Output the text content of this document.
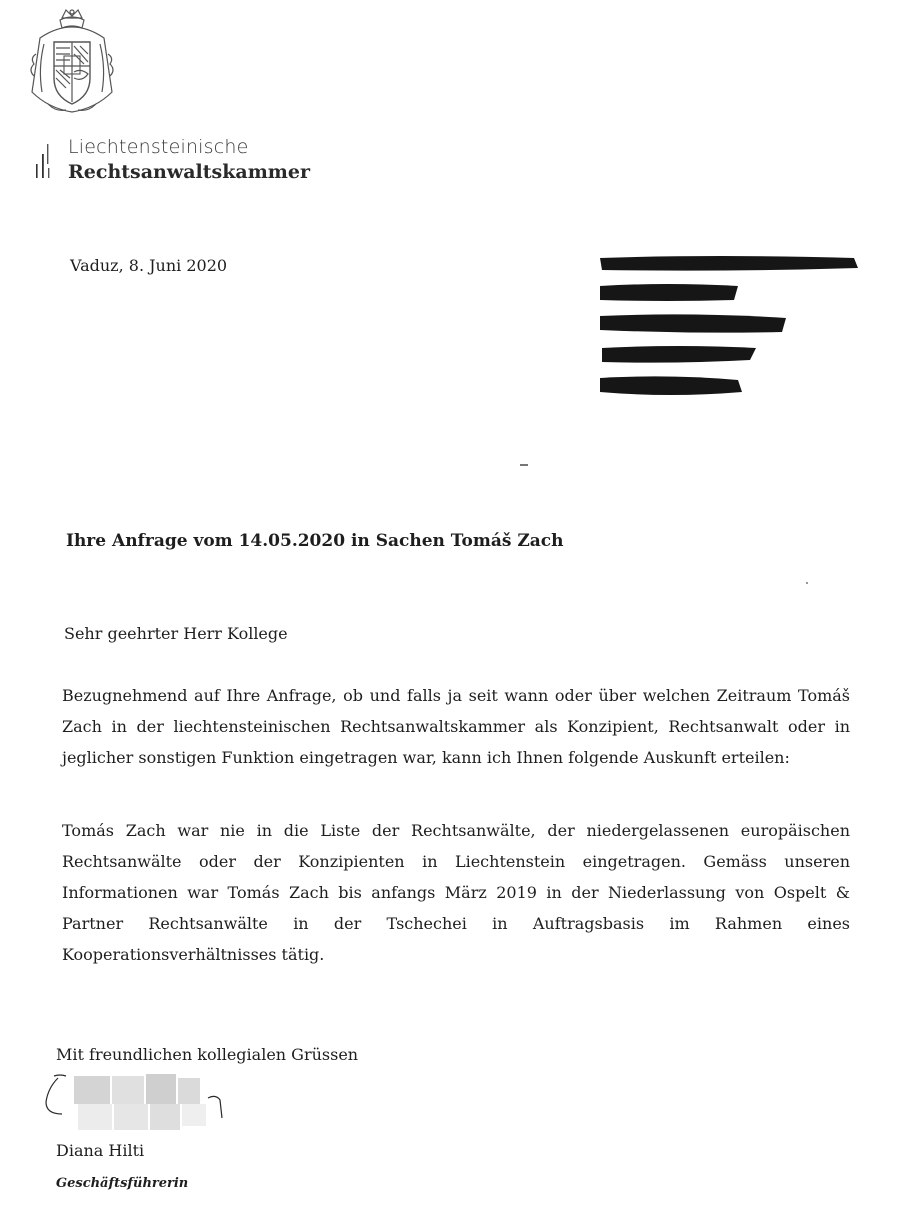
Liechtensteinische
Rechtsanwaltskammer
Vaduz, 8. Juni 2020
Ihre Anfrage vom 14.05.2020 in Sachen Tomáš Zach
Sehr geehrter Herr Kollege
Bezugnehmend auf Ihre Anfrage, ob und falls ja seit wann oder über welchen Zeitraum Tomáš Zach in der liechtensteinischen Rechtsanwaltskammer als Konzipient, Rechtsanwalt oder in jeglicher sonstigen Funktion eingetragen war, kann ich Ihnen folgende Auskunft erteilen:
Tomás Zach war nie in die Liste der Rechtsanwälte, der niedergelassenen europäischen Rechtsanwälte oder der Konzipienten in Liechtenstein eingetragen. Gemäss unseren Informationen war Tomás Zach bis anfangs März 2019 in der Niederlassung von Ospelt & Partner Rechtsanwälte in der Tschechei in Auftragsbasis im Rahmen eines Kooperationsverhältnisses tätig.
Mit freundlichen kollegialen Grüssen
Diana Hilti
Geschäftsführerin
